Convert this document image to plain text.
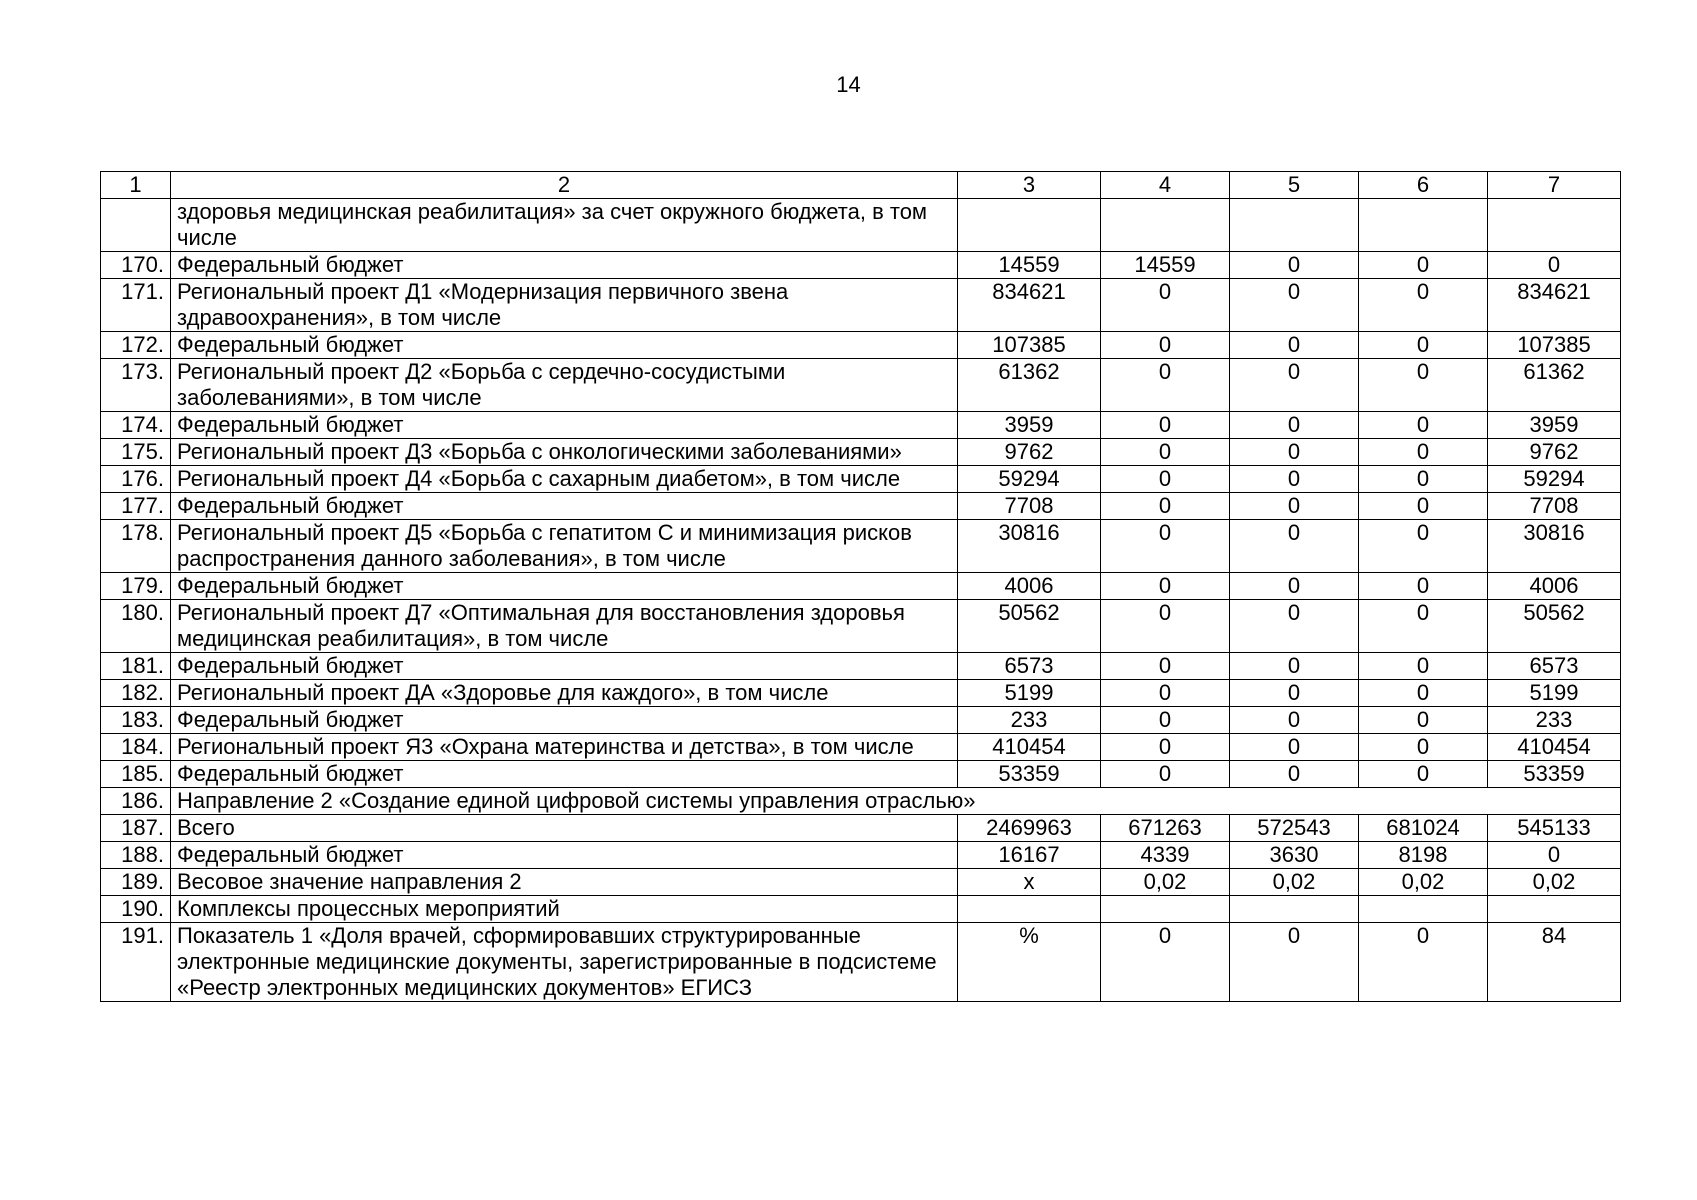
14
1	2	3	4	5	6	7
	здоровья медицинская реабилитация» за счет окружного бюджета, в том числе					
170.	Федеральный бюджет	14559	14559	0	0	0
171.	Региональный проект Д1 «Модернизация первичного звена здравоохранения», в том числе	834621	0	0	0	834621
172.	Федеральный бюджет	107385	0	0	0	107385
173.	Региональный проект Д2 «Борьба с сердечно-сосудистыми заболеваниями», в том числе	61362	0	0	0	61362
174.	Федеральный бюджет	3959	0	0	0	3959
175.	Региональный проект Д3 «Борьба с онкологическими заболеваниями»	9762	0	0	0	9762
176.	Региональный проект Д4 «Борьба с сахарным диабетом», в том числе	59294	0	0	0	59294
177.	Федеральный бюджет	7708	0	0	0	7708
178.	Региональный проект Д5 «Борьба с гепатитом С и минимизация рисков распространения данного заболевания», в том числе	30816	0	0	0	30816
179.	Федеральный бюджет	4006	0	0	0	4006
180.	Региональный проект Д7 «Оптимальная для восстановления здоровья медицинская реабилитация», в том числе	50562	0	0	0	50562
181.	Федеральный бюджет	6573	0	0	0	6573
182.	Региональный проект ДА «Здоровье для каждого», в том числе	5199	0	0	0	5199
183.	Федеральный бюджет	233	0	0	0	233
184.	Региональный проект Я3 «Охрана материнства и детства», в том числе	410454	0	0	0	410454
185.	Федеральный бюджет	53359	0	0	0	53359
186.	Направление 2 «Создание единой цифровой системы управления отраслью»					
187.	Всего	2469963	671263	572543	681024	545133
188.	Федеральный бюджет	16167	4339	3630	8198	0
189.	Весовое значение направления 2	х	0,02	0,02	0,02	0,02
190.	Комплексы процессных мероприятий					
191.	Показатель 1 «Доля врачей, сформировавших структурированные электронные медицинские документы, зарегистрированные в подсистеме «Реестр электронных медицинских документов» ЕГИСЗ	%	0	0	0	84
